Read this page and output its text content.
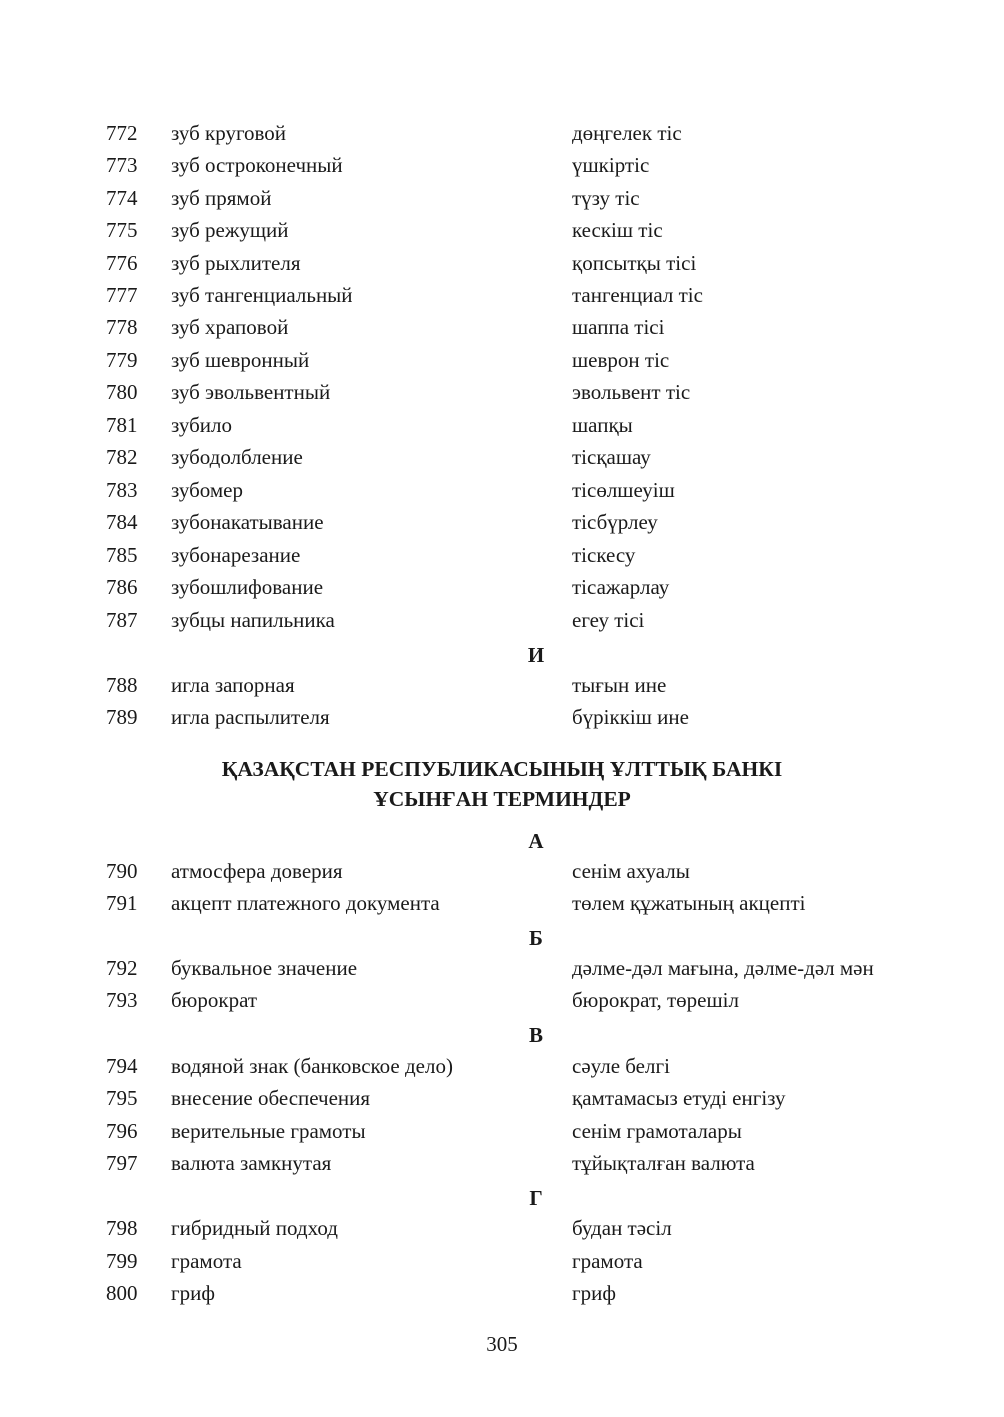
772 зуб круговой	дөңгелек тіс
773 зуб остроконечный	үшкіртіс
774 зуб прямой	түзу тіс
775 зуб режущий	кескіш тіс
776 зуб рыхлителя	қопсытқы тісі
777 зуб тангенциальный	тангенциал тіс
778 зуб храповой	шаппа тісі
779 зуб шевронный	шеврон тіс
780 зуб эвольвентный	эвольвент тіс
781 зубило	шапқы
782 зубодолбление	тісқашау
783 зубомер	тісөлшеуіш
784 зубонакатывание	тісбүрлеу
785 зубонарезание	тіскесу
786 зубошлифование	тісажарлау
787 зубцы напильника	егеу тісі
И
788 игла запорная	тығын ине
789 игла распылителя	бүріккіш ине
ҚАЗАҚСТАН РЕСПУБЛИКАСЫНЫҢ ҰЛТТЫҚ БАНКІ
ҰСЫНҒАН ТЕРМИНДЕР
А
790 атмосфера доверия	сенім ахуалы
791 акцепт платежного документа	төлем құжатының акцепті
Б
792 буквальное значение	дәлме-дәл мағына, дәлме-дәл мән
793 бюрократ	бюрократ, төрешіл
В
794 водяной знак (банковское дело)	сәуле белгі
795 внесение обеспечения	қамтамасыз етуді енгізу
796 верительные грамоты	сенім грамоталары
797 валюта замкнутая	тұйықталған валюта
Г
798 гибридный подход	будан тәсіл
799 грамота	грамота
800 гриф	гриф
305
